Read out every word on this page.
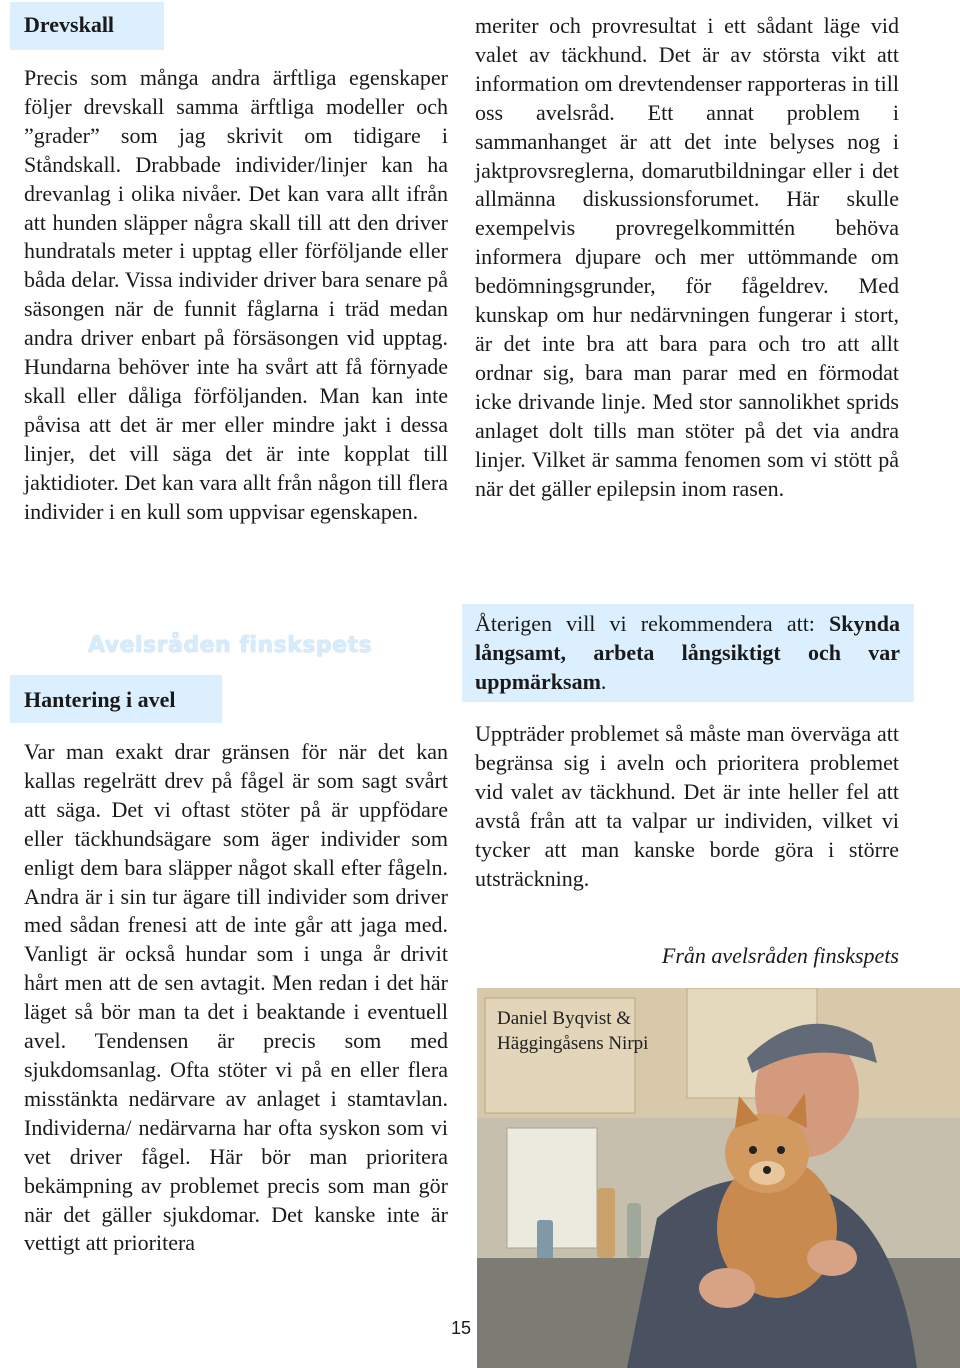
Drevskall

Precis som många andra ärftliga egenskaper följer drevskall samma ärftliga modeller och ”grader” som jag skrivit om tidigare i Ståndskall. Drabbade individer/linjer kan ha drevanlag i olika nivåer. Det kan vara allt ifrån att hunden släpper några skall till att den driver hundratals meter i upptag eller förföljande eller båda delar. Vissa individer driver bara senare på säsongen när de funnit fåglarna i träd medan andra driver enbart på försäsongen vid upptag. Hundarna behöver inte ha svårt att få förnyade skall eller dåliga förföljanden. Man kan inte påvisa att det är mer eller mindre jakt i dessa linjer, det vill säga det är inte kopplat till jaktidioter. Det kan vara allt från någon till flera individer i en kull som uppvisar egenskapen.

Avelsråden finskspets
Hantering i avel

Var man exakt drar gränsen för när det kan kallas regelrätt drev på fågel är som sagt svårt att säga. Det vi oftast stöter på är uppfödare eller täckhundsägare som äger individer som enligt dem bara släpper något skall efter fågeln. Andra är i sin tur ägare till individer som driver med sådan frenesi att de inte går att jaga med. Vanligt är också hundar som i unga år drivit hårt men att de sen avtagit. Men redan i det här läget så bör man ta det i beaktande i eventuell avel. Tendensen är precis som med sjukdomsanlag. Ofta stöter vi på en eller flera misstänkta nedärvare av anlaget i stamtavlan. Individerna/ nedärvarna har ofta syskon som vi vet driver fågel. Här bör man prioritera bekämpning av problemet precis som man gör när det gäller sjukdomar. Det kanske inte är vettigt att prioritera

meriter och provresultat i ett sådant läge vid valet av täckhund. Det är av största vikt att information om drevtendenser rapporteras in till oss avelsråd. Ett annat problem i sammanhanget är att det inte belyses nog i jaktprovsreglerna, domarutbildningar eller i det allmänna diskussionsforumet. Här skulle exempelvis provregelkommittén behöva informera djupare och mer uttömmande om bedömningsgrunder, för fågeldrev. Med kunskap om hur nedärvningen fungerar i stort, är det inte bra att bara para och tro att allt ordnar sig, bara man parar med en förmodat icke drivande linje. Med stor sannolikhet sprids anlaget dolt tills man stöter på det via andra linjer. Vilket är samma fenomen som vi stött på när det gäller epilepsin inom rasen.

Återigen vill vi rekommendera att: Skynda långsamt, arbeta långsiktigt och var uppmärksam.

Uppträder problemet så måste man överväga att begränsa sig i aveln och prioritera problemet vid valet av täckhund. Det är inte heller fel att avstå från att ta valpar ur individen, vilket vi tycker att man kanske borde göra i större utsträckning.

Från avelsråden finskspets
Daniel Byqvist &
Häggingåsens Nirpi
15
